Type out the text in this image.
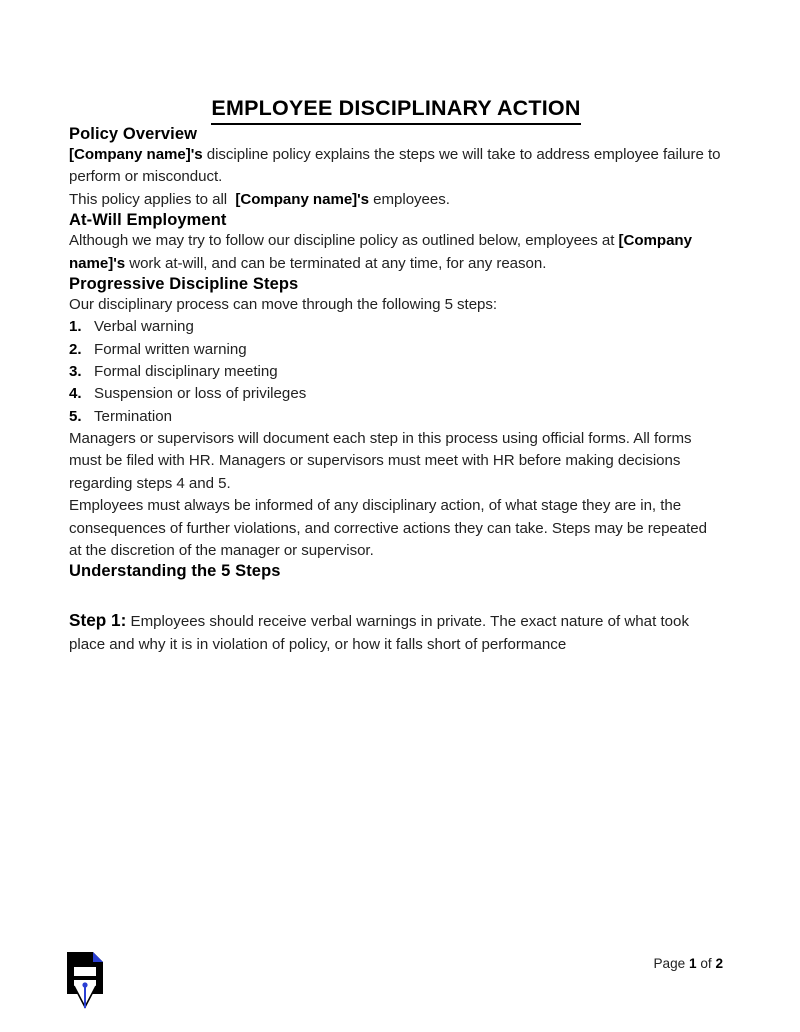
EMPLOYEE DISCIPLINARY ACTION
Policy Overview

[Company name]'s discipline policy explains the steps we will take to address employee failure to perform or misconduct.

This policy applies to all  [Company name]'s employees.

At-Will Employment

Although we may try to follow our discipline policy as outlined below, employees at [Company name]'s work at-will, and can be terminated at any time, for any reason.

Progressive Discipline Steps

Our disciplinary process can move through the following 5 steps:

1. Verbal warning
2. Formal written warning
3. Formal disciplinary meeting
4. Suspension or loss of privileges
5. Termination

Managers or supervisors will document each step in this process using official forms. All forms must be filed with HR. Managers or supervisors must meet with HR before making decisions regarding steps 4 and 5.

Employees must always be informed of any disciplinary action, of what stage they are in, the consequences of further violations, and corrective actions they can take. Steps may be repeated at the discretion of the manager or supervisor.

Understanding the 5 Steps

Step 1: Employees should receive verbal warnings in private. The exact nature of what took place and why it is in violation of policy, or how it falls short of performance

Page 1 of 2
